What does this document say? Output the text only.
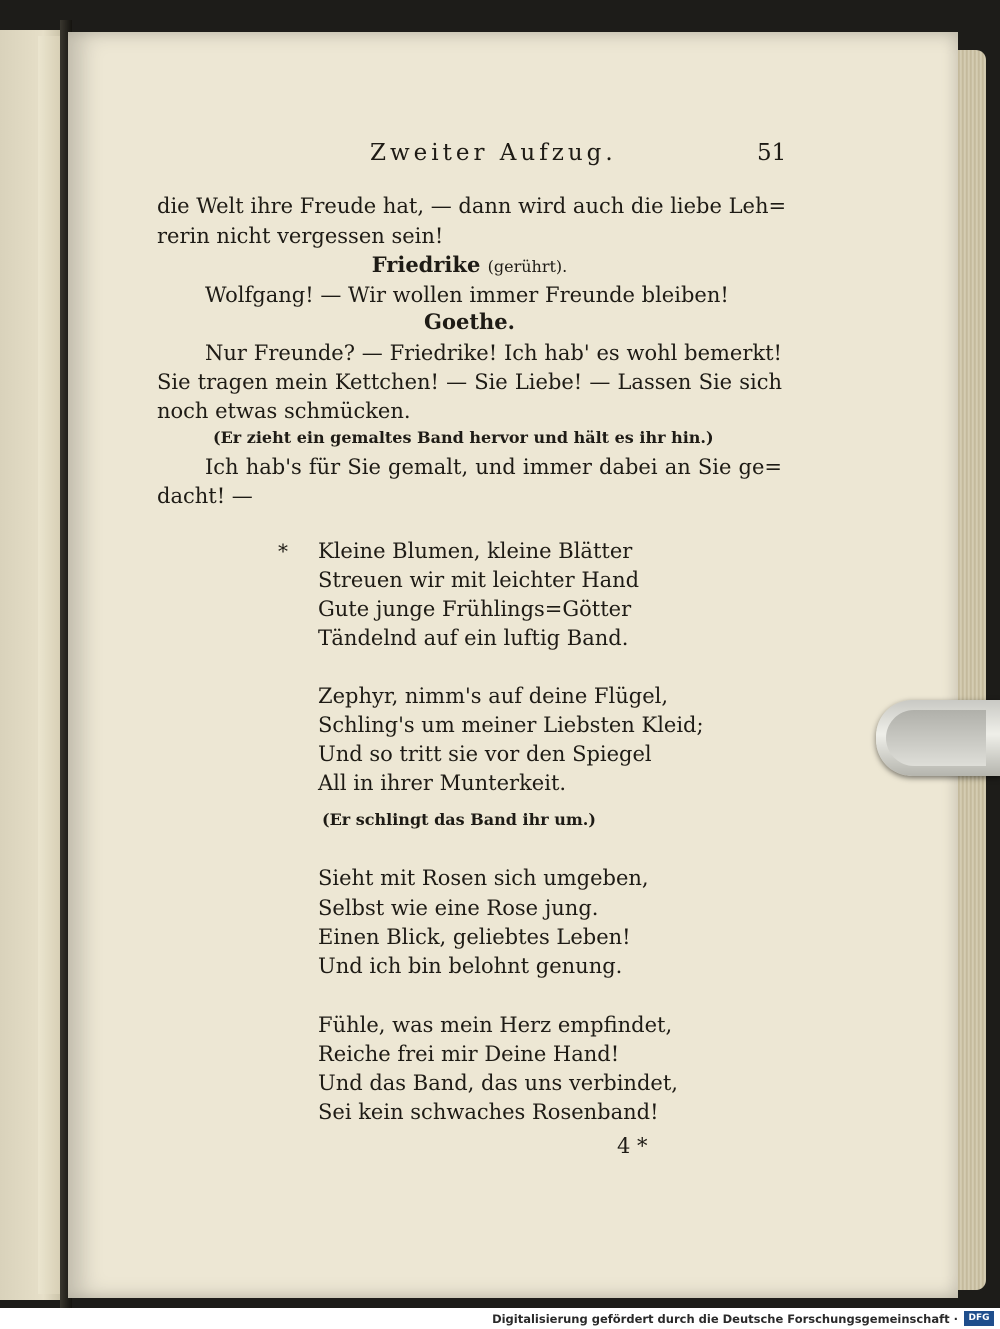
Zweiter Aufzug.	51
die Welt ihre Freude hat, — dann wird auch die liebe Leh=
rerin nicht vergessen sein!
Friedrike (gerührt).
Wolfgang! — Wir wollen immer Freunde bleiben!
Goethe.
Nur Freunde? — Friedrike! Ich hab' es wohl bemerkt!
Sie tragen mein Kettchen! — Sie Liebe! — Lassen Sie sich
noch etwas schmücken.
(Er zieht ein gemaltes Band hervor und hält es ihr hin.)
Ich hab's für Sie gemalt, und immer dabei an Sie ge=
dacht! —
* Kleine Blumen, kleine Blätter
Streuen wir mit leichter Hand
Gute junge Frühlings=Götter
Tändelnd auf ein luftig Band.
Zephyr, nimm's auf deine Flügel,
Schling's um meiner Liebsten Kleid;
Und so tritt sie vor den Spiegel
All in ihrer Munterkeit.
(Er schlingt das Band ihr um.)
Sieht mit Rosen sich umgeben,
Selbst wie eine Rose jung.
Einen Blick, geliebtes Leben!
Und ich bin belohnt genung.
Fühle, was mein Herz empfindet,
Reiche frei mir Deine Hand!
Und das Band, das uns verbindet,
Sei kein schwaches Rosenband!
4 *
Digitalisierung gefördert durch die Deutsche Forschungsgemeinschaft ·	DFG
